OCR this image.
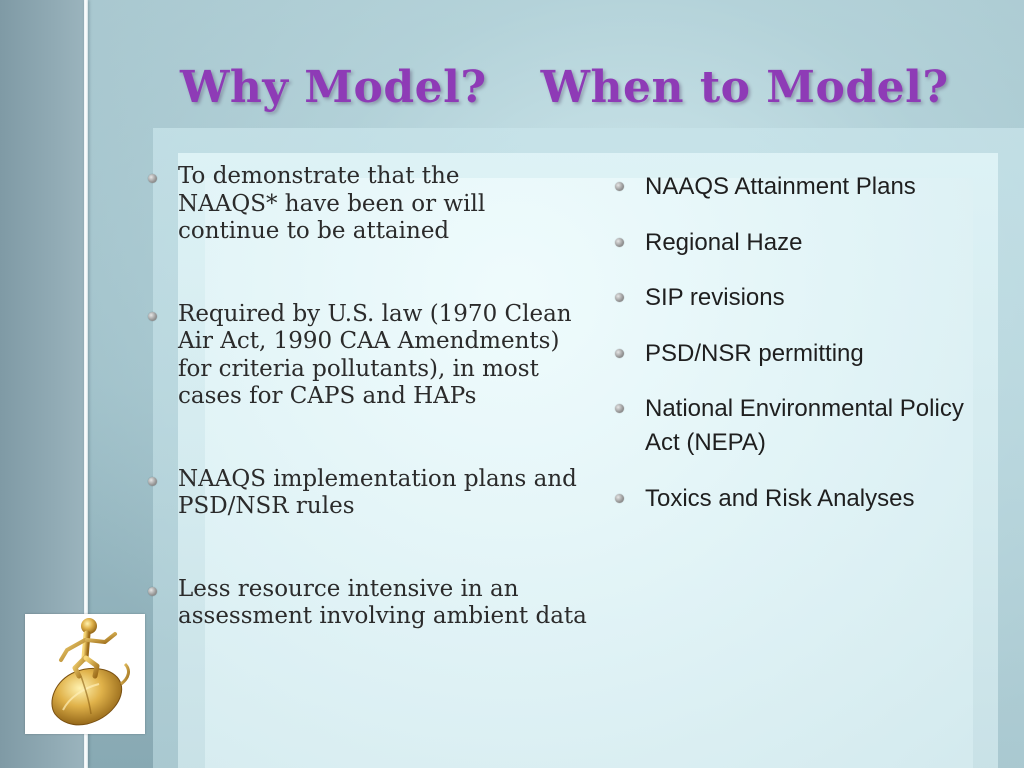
Why Model? When to Model?
To demonstrate that the NAAQS* have been or will continue to be attained
Required by U.S. law (1970 Clean Air Act, 1990 CAA Amendments) for criteria pollutants), in most cases for CAPS and HAPs
NAAQS implementation plans and PSD/NSR rules
Less resource intensive in an assessment involving ambient data
NAAQS Attainment Plans
Regional Haze
SIP revisions
PSD/NSR permitting
National Environmental Policy Act (NEPA)
Toxics and Risk Analyses
